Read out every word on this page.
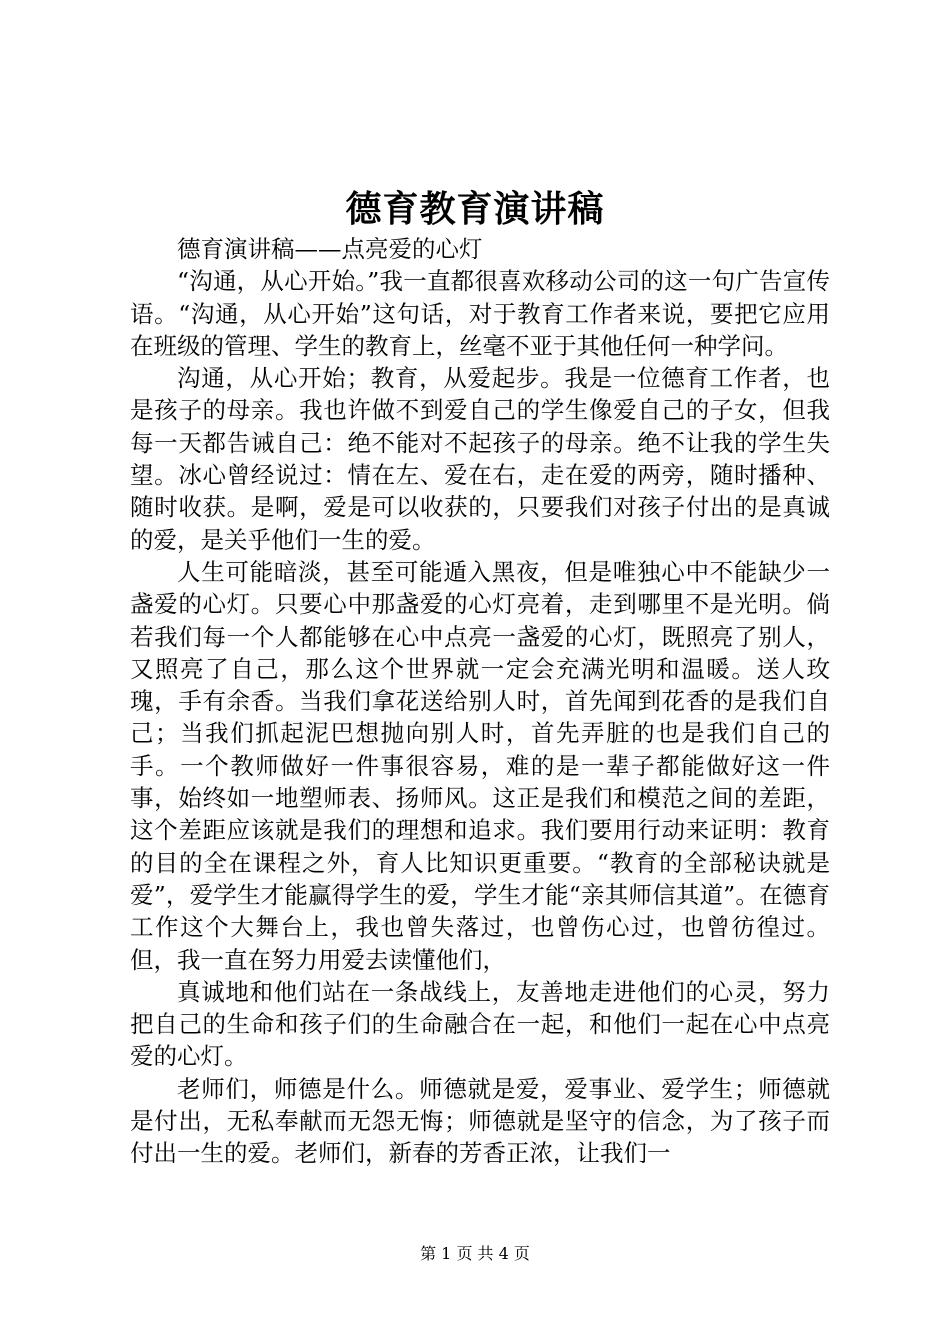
德育教育演讲稿

德育演讲稿——点亮爱的心灯

“沟通，从心开始。”我一直都很喜欢移动公司的这一句广告宣传语。“沟通，从心开始”这句话，对于教育工作者来说，要把它应用在班级的管理、学生的教育上，丝毫不亚于其他任何一种学问。

沟通，从心开始；教育，从爱起步。我是一位德育工作者，也是孩子的母亲。我也许做不到爱自己的学生像爱自己的子女，但我每一天都告诫自己：绝不能对不起孩子的母亲。绝不让我的学生失望。冰心曾经说过：情在左、爱在右，走在爱的两旁，随时播种、随时收获。是啊，爱是可以收获的，只要我们对孩子付出的是真诚的爱，是关乎他们一生的爱。

人生可能暗淡，甚至可能遁入黑夜，但是唯独心中不能缺少一盏爱的心灯。只要心中那盏爱的心灯亮着，走到哪里不是光明。倘若我们每一个人都能够在心中点亮一盏爱的心灯，既照亮了别人，又照亮了自己，那么这个世界就一定会充满光明和温暖。送人玫瑰，手有余香。当我们拿花送给别人时，首先闻到花香的是我们自己；当我们抓起泥巴想抛向别人时，首先弄脏的也是我们自己的手。一个教师做好一件事很容易，难的是一辈子都能做好这一件事，始终如一地塑师表、扬师风。这正是我们和模范之间的差距，这个差距应该就是我们的理想和追求。我们要用行动来证明：教育的目的全在课程之外，育人比知识更重要。“教育的全部秘诀就是爱”，爱学生才能赢得学生的爱，学生才能“亲其师信其道”。在德育工作这个大舞台上，我也曾失落过，也曾伤心过，也曾彷徨过。但，我一直在努力用爱去读懂他们，

真诚地和他们站在一条战线上，友善地走进他们的心灵，努力把自己的生命和孩子们的生命融合在一起，和他们一起在心中点亮爱的心灯。

老师们，师德是什么。师德就是爱，爱事业、爱学生；师德就是付出，无私奉献而无怨无悔；师德就是坚守的信念，为了孩子而付出一生的爱。老师们，新春的芳香正浓，让我们一

第 1 页 共 4 页
